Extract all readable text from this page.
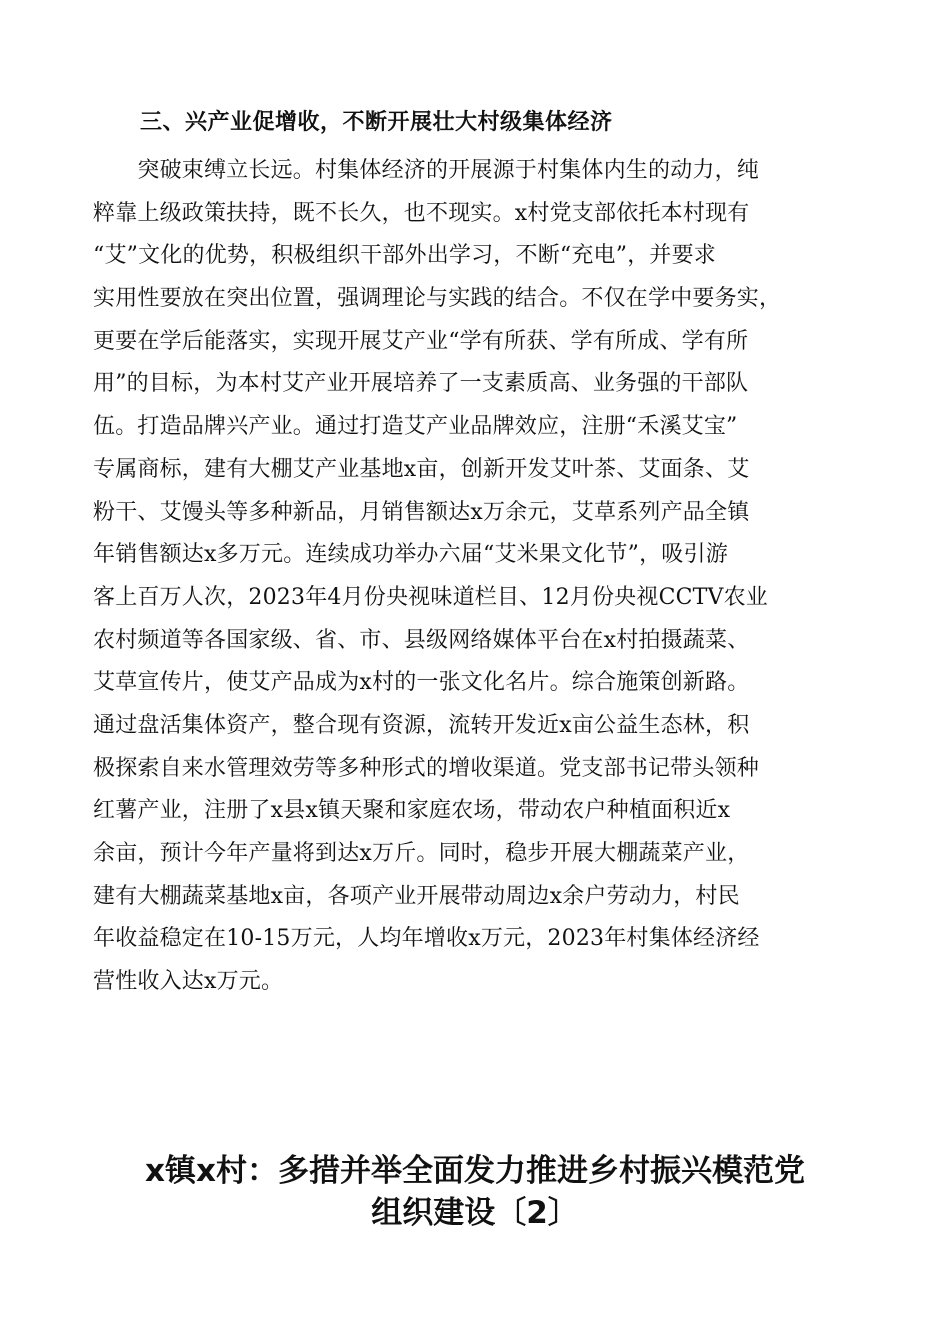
三、兴产业促增收，不断开展壮大村级集体经济
　　突破束缚立长远。村集体经济的开展源于村集体内生的动力，纯
粹靠上级政策扶持，既不长久，也不现实。x村党支部依托本村现有
“艾”文化的优势，积极组织干部外出学习，不断“充电”，并要求
实用性要放在突出位置，强调理论与实践的结合。不仅在学中要务实，
更要在学后能落实，实现开展艾产业“学有所获、学有所成、学有所
用”的目标，为本村艾产业开展培养了一支素质高、业务强的干部队
伍。打造品牌兴产业。通过打造艾产业品牌效应，注册“禾溪艾宝”
专属商标，建有大棚艾产业基地x亩，创新开发艾叶茶、艾面条、艾
粉干、艾馒头等多种新品，月销售额达x万余元，艾草系列产品全镇
年销售额达x多万元。连续成功举办六届“艾米果文化节”，吸引游
客上百万人次，2023年4月份央视味道栏目、12月份央视CCTV农业
农村频道等各国家级、省、市、县级网络媒体平台在x村拍摄蔬菜、
艾草宣传片，使艾产品成为x村的一张文化名片。综合施策创新路。
通过盘活集体资产，整合现有资源，流转开发近x亩公益生态林，积
极探索自来水管理效劳等多种形式的增收渠道。党支部书记带头领种
红薯产业，注册了x县x镇天聚和家庭农场，带动农户种植面积近x
余亩，预计今年产量将到达x万斤。同时，稳步开展大棚蔬菜产业，
建有大棚蔬菜基地x亩，各项产业开展带动周边x余户劳动力，村民
年收益稳定在10-15万元，人均年增收x万元，2023年村集体经济经
营性收入达x万元。
x镇x村：多措并举全面发力推进乡村振兴模范党
组织建设〔2〕
